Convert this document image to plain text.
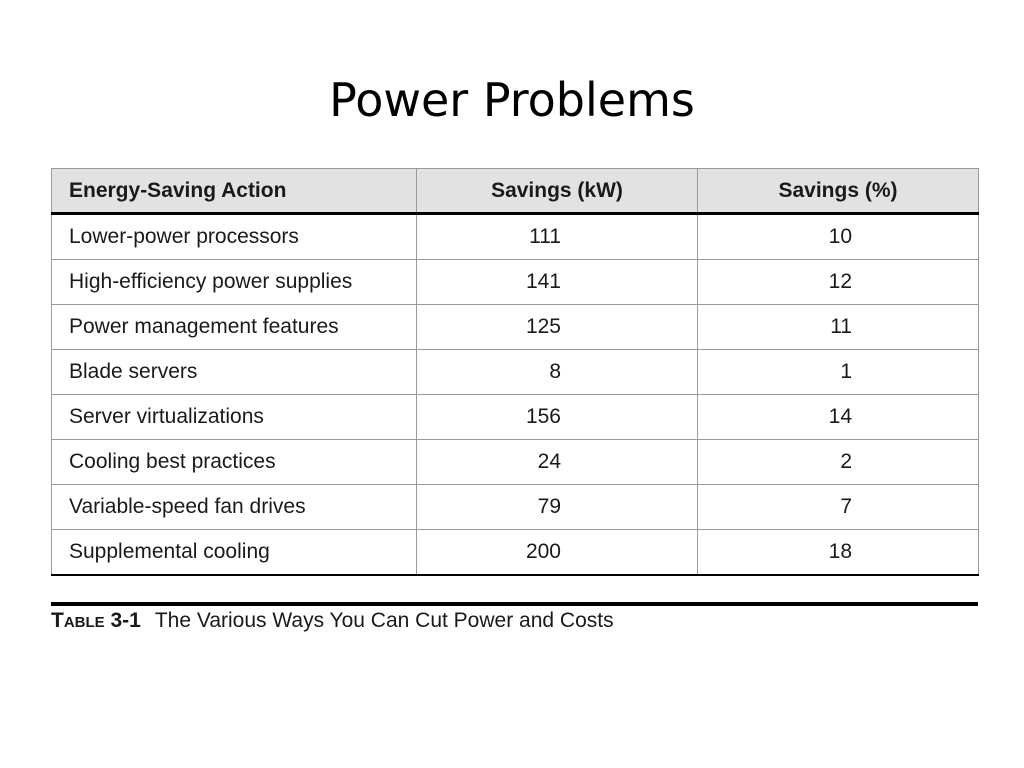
Power Problems
Energy-Saving Action	Savings (kW)	Savings (%)
Lower-power processors	111	10
High-efficiency power supplies	141	12
Power management features	125	11
Blade servers	8	1
Server virtualizations	156	14
Cooling best practices	24	2
Variable-speed fan drives	79	7
Supplemental cooling	200	18
Table 3-1 The Various Ways You Can Cut Power and Costs
